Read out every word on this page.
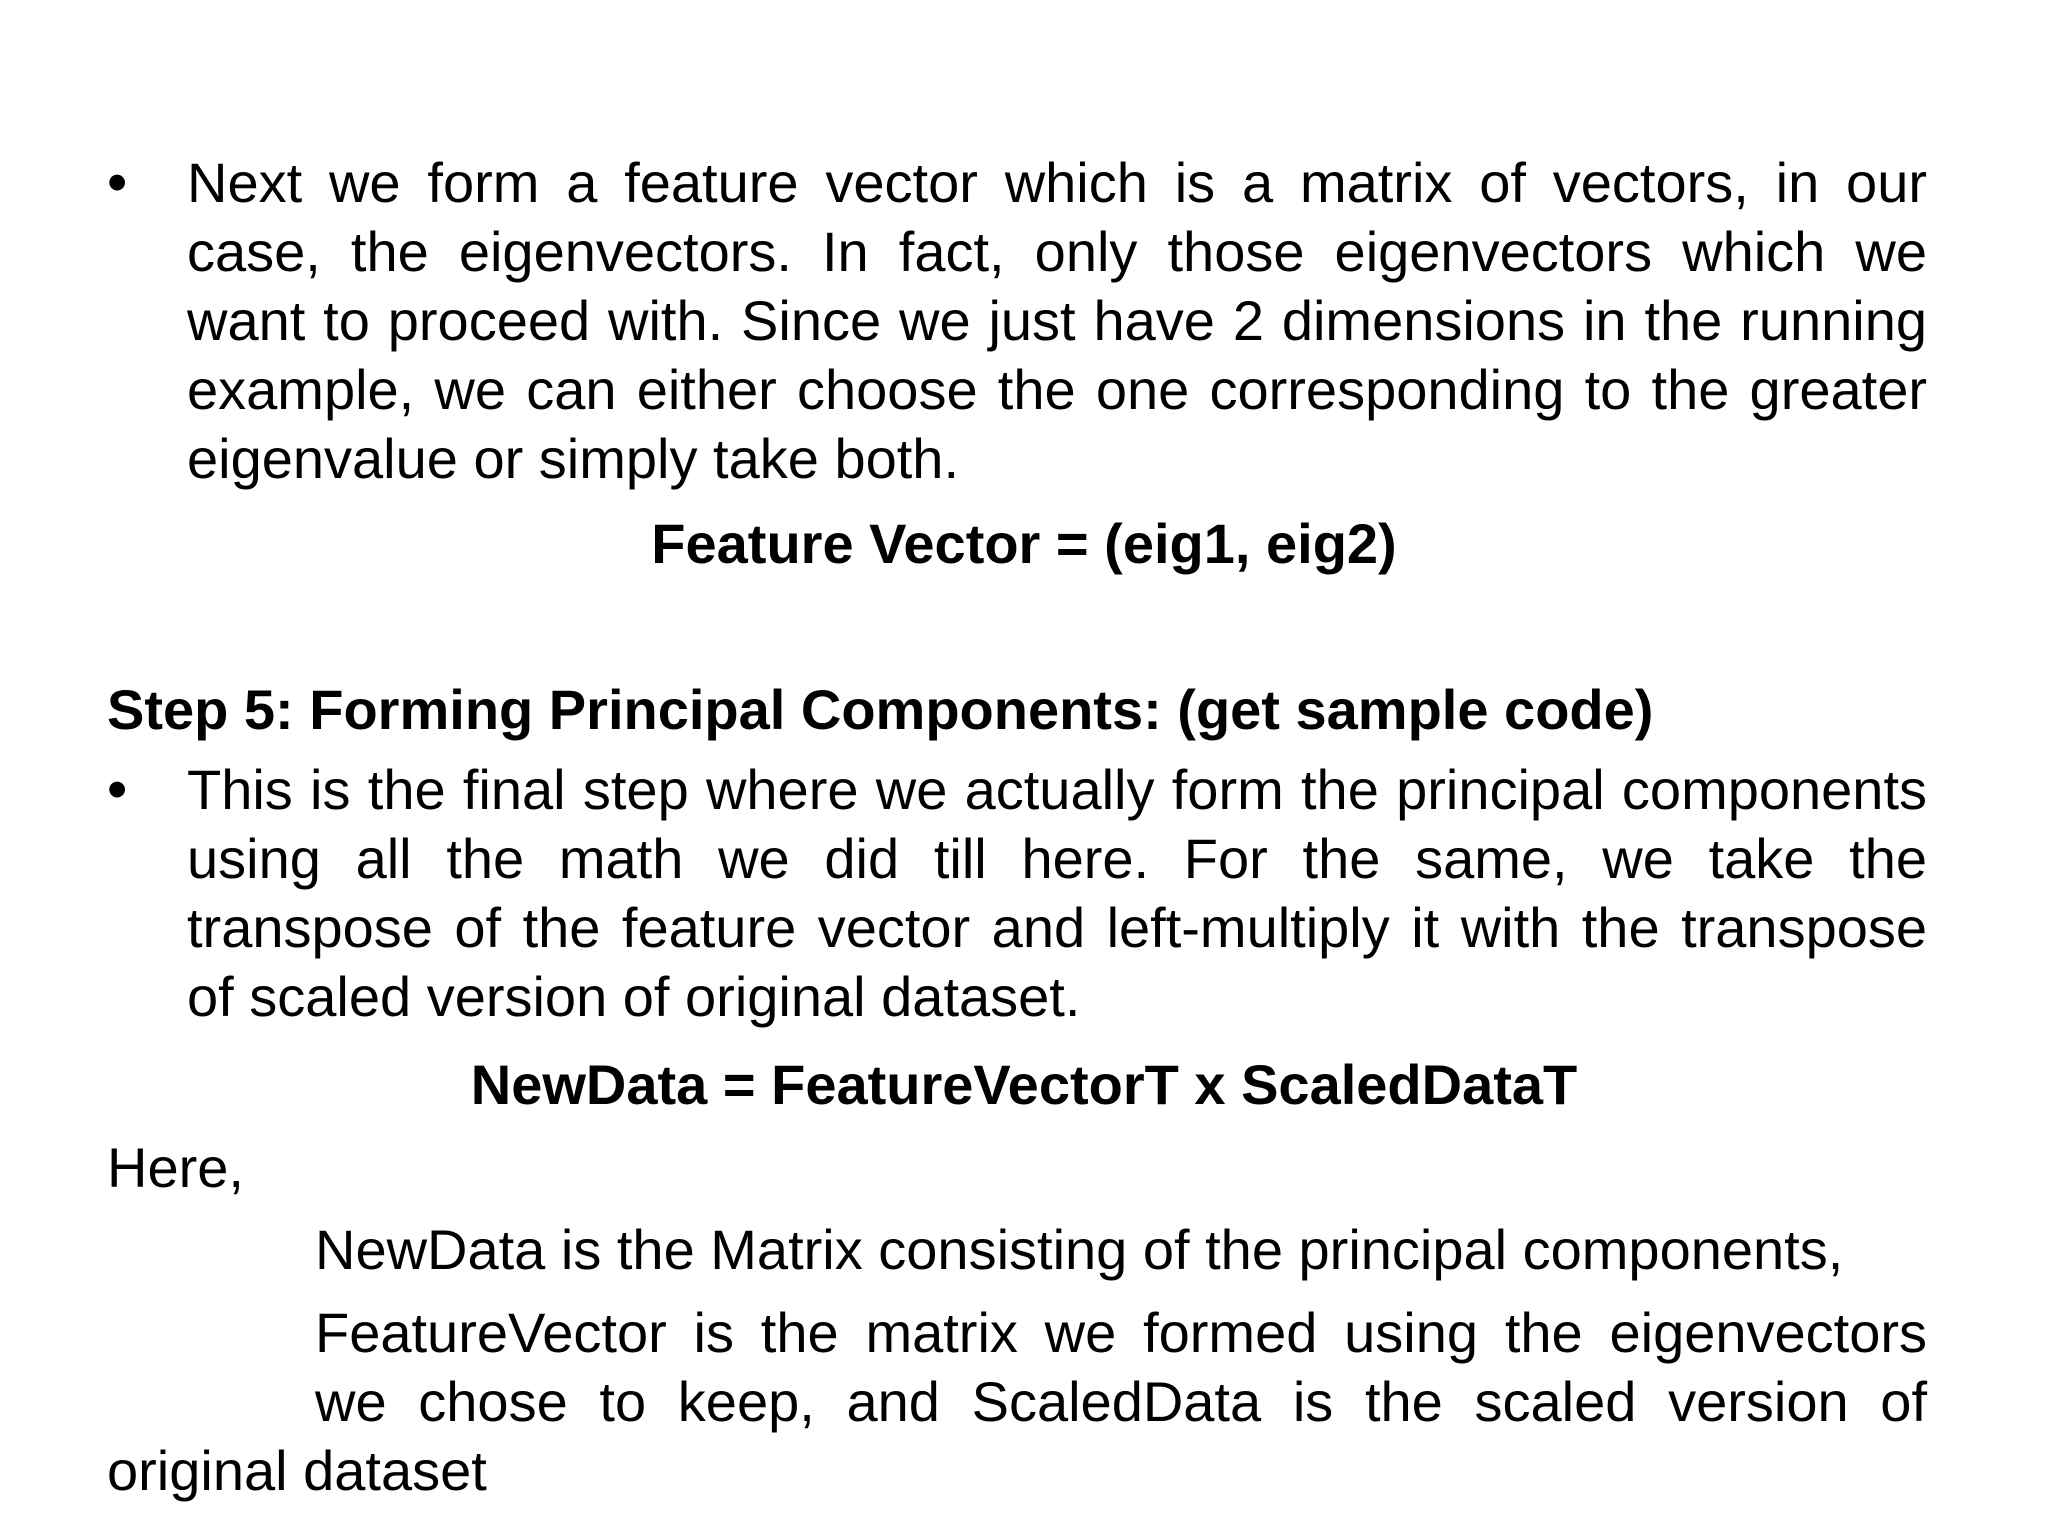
• Next we form a feature vector which is a matrix of vectors, in our case, the eigenvectors. In fact, only those eigenvectors which we want to proceed with. Since we just have 2 dimensions in the running example, we can either choose the one corresponding to the greater eigenvalue or simply take both.
Feature Vector = (eig1, eig2)
Step 5: Forming Principal Components: (get sample code)
• This is the final step where we actually form the principal components using all the math we did till here. For the same, we take the transpose of the feature vector and left-multiply it with the transpose of scaled version of original dataset.
NewData = FeatureVectorT x ScaledDataT
Here,
NewData is the Matrix consisting of the principal components,
FeatureVector is the matrix we formed using the eigenvectors
we chose to keep, and ScaledData is the scaled version of
original dataset
